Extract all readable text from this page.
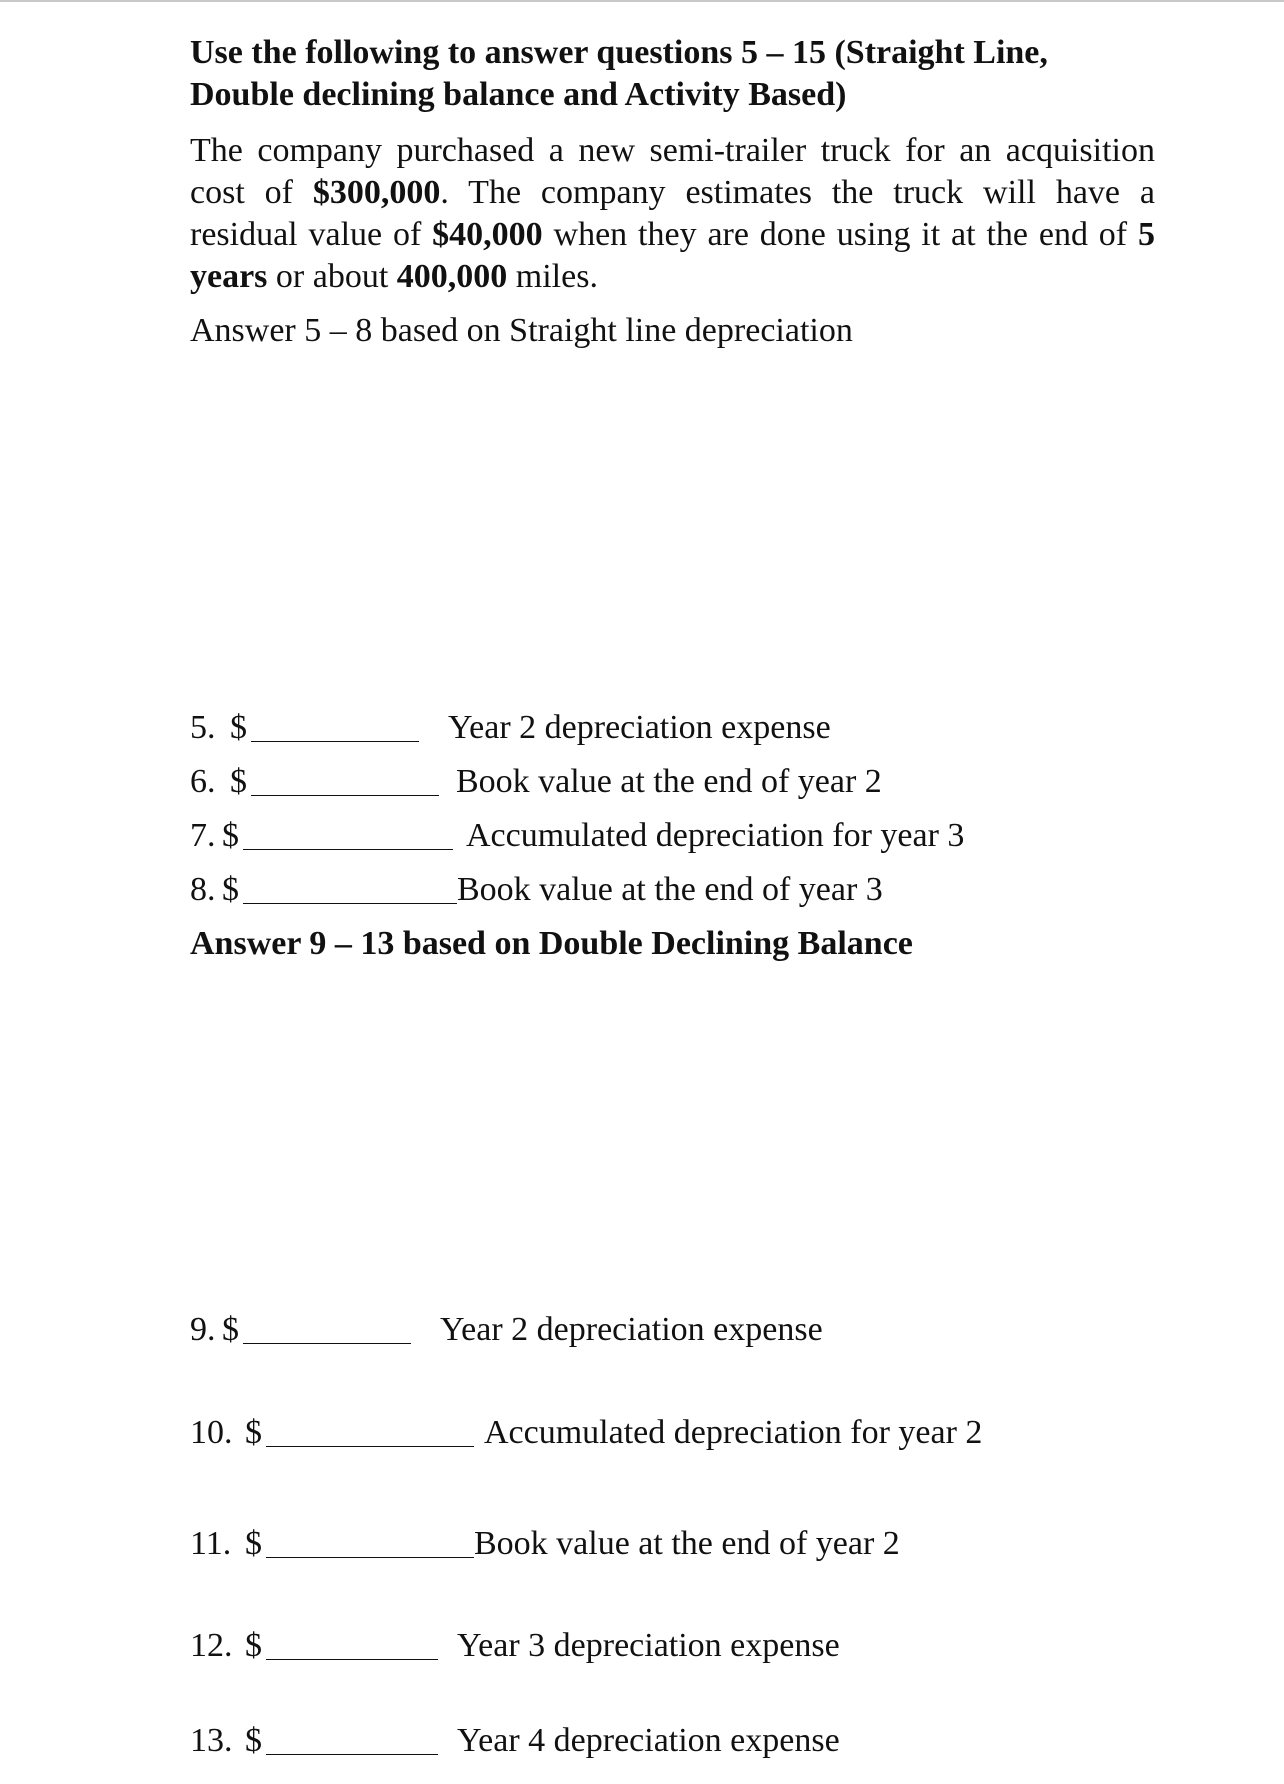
Use the following to answer questions 5 – 15 (Straight Line,
Double declining balance and Activity Based)

The company purchased a new semi-trailer truck for an acquisition cost of $300,000. The company estimates the truck will have a residual value of $40,000 when they are done using it at the end of 5 years or about 400,000 miles.

Answer 5 – 8 based on Straight line depreciation

5. $	Year 2 depreciation expense
6. $	Book value at the end of year 2
7. $	Accumulated depreciation for year 3
8. $	Book value at the end of year 3

Answer 9 – 13 based on Double Declining Balance

9. $	Year 2 depreciation expense
10. $	Accumulated depreciation for year 2
11. $	Book value at the end of year 2
12. $	Year 3 depreciation expense
13. $	Year 4 depreciation expense
